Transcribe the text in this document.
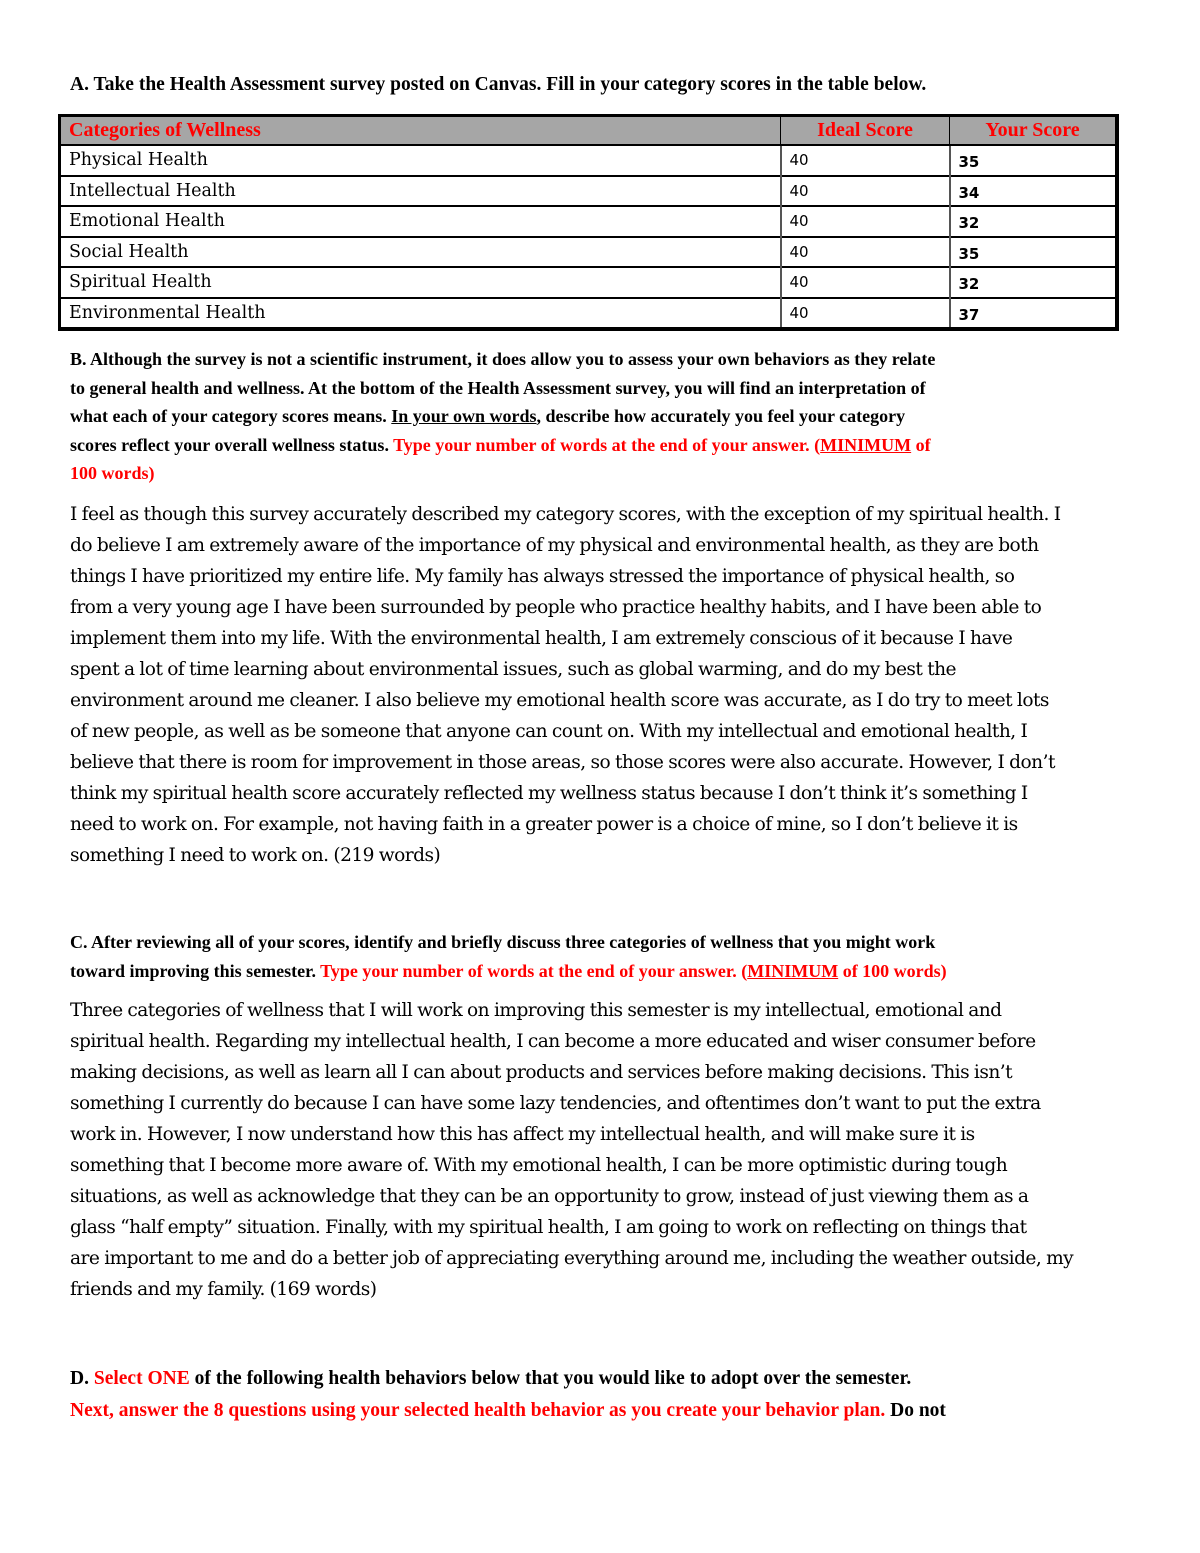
A. Take the Health Assessment survey posted on Canvas. Fill in your category scores in the table below.
Categories of Wellness	Ideal Score	Your Score
Physical Health	40	35
Intellectual Health	40	34
Emotional Health	40	32
Social Health	40	35
Spiritual Health	40	32
Environmental Health	40	37
B. Although the survey is not a scientific instrument, it does allow you to assess your own behaviors as they relate
to general health and wellness. At the bottom of the Health Assessment survey, you will find an interpretation of
what each of your category scores means. In your own words, describe how accurately you feel your category
scores reflect your overall wellness status. Type your number of words at the end of your answer. (MINIMUM of
100 words)
I feel as though this survey accurately described my category scores, with the exception of my spiritual health. I
do believe I am extremely aware of the importance of my physical and environmental health, as they are both
things I have prioritized my entire life. My family has always stressed the importance of physical health, so
from a very young age I have been surrounded by people who practice healthy habits, and I have been able to
implement them into my life. With the environmental health, I am extremely conscious of it because I have
spent a lot of time learning about environmental issues, such as global warming, and do my best the
environment around me cleaner. I also believe my emotional health score was accurate, as I do try to meet lots
of new people, as well as be someone that anyone can count on. With my intellectual and emotional health, I
believe that there is room for improvement in those areas, so those scores were also accurate. However, I don’t
think my spiritual health score accurately reflected my wellness status because I don’t think it’s something I
need to work on. For example, not having faith in a greater power is a choice of mine, so I don’t believe it is
something I need to work on. (219 words)
C. After reviewing all of your scores, identify and briefly discuss three categories of wellness that you might work
toward improving this semester. Type your number of words at the end of your answer. (MINIMUM of 100 words)
Three categories of wellness that I will work on improving this semester is my intellectual, emotional and
spiritual health. Regarding my intellectual health, I can become a more educated and wiser consumer before
making decisions, as well as learn all I can about products and services before making decisions. This isn’t
something I currently do because I can have some lazy tendencies, and oftentimes don’t want to put the extra
work in. However, I now understand how this has affect my intellectual health, and will make sure it is
something that I become more aware of. With my emotional health, I can be more optimistic during tough
situations, as well as acknowledge that they can be an opportunity to grow, instead of just viewing them as a
glass “half empty” situation. Finally, with my spiritual health, I am going to work on reflecting on things that
are important to me and do a better job of appreciating everything around me, including the weather outside, my
friends and my family. (169 words)
D. Select ONE of the following health behaviors below that you would like to adopt over the semester.
Next, answer the 8 questions using your selected health behavior as you create your behavior plan. Do not
